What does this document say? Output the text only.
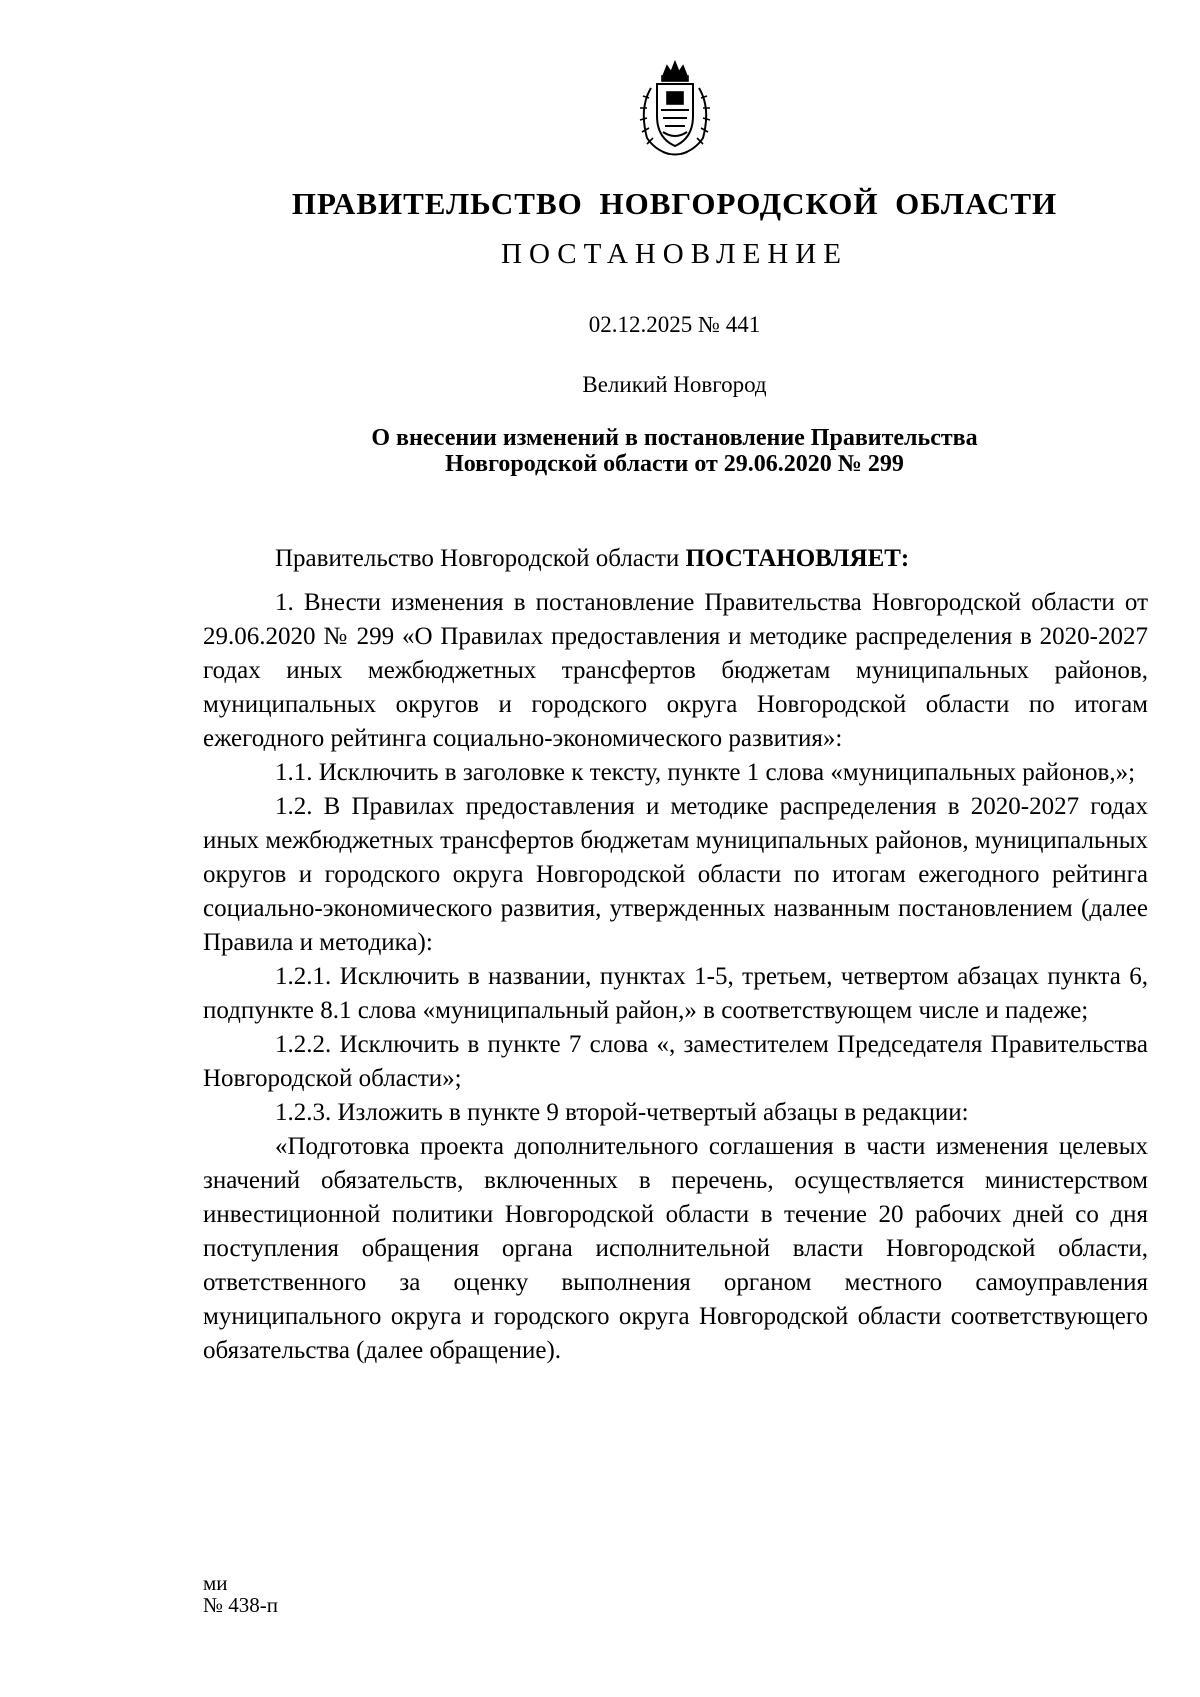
ПРАВИТЕЛЬСТВО НОВГОРОДСКОЙ ОБЛАСТИ
ПОСТАНОВЛЕНИЕ
02.12.2025 № 441
Великий Новгород
О внесении изменений в постановление Правительства
Новгородской области от 29.06.2020 № 299

Правительство Новгородской области ПОСТАНОВЛЯЕТ:

1. Внести изменения в постановление Правительства Новгородской области от 29.06.2020 № 299 «О Правилах предоставления и методике распределения в 2020-2027 годах иных межбюджетных трансфертов бюджетам муниципальных районов, муниципальных округов и городского округа Новгородской области по итогам ежегодного рейтинга социально-экономического развития»:

1.1. Исключить в заголовке к тексту, пункте 1 слова «муниципальных районов,»;

1.2. В Правилах предоставления и методике распределения в 2020-2027 годах иных межбюджетных трансфертов бюджетам муниципальных районов, муниципальных округов и городского округа Новгородской области по итогам ежегодного рейтинга социально-экономического развития, утвержденных названным постановлением (далее Правила и методика):

1.2.1. Исключить в названии, пунктах 1-5, третьем, четвертом абзацах пункта 6, подпункте 8.1 слова «муниципальный район,» в соответствующем числе и падеже;

1.2.2. Исключить в пункте 7 слова «, заместителем Председателя Правительства Новгородской области»;

1.2.3. Изложить в пункте 9 второй-четвертый абзацы в редакции:

«Подготовка проекта дополнительного соглашения в части изменения целевых значений обязательств, включенных в перечень, осуществляется министерством инвестиционной политики Новгородской области в течение 20 рабочих дней со дня поступления обращения органа исполнительной власти Новгородской области, ответственного за оценку выполнения органом местного самоуправления муниципального округа и городского округа Новгородской области соответствующего обязательства (далее обращение).

ми
№ 438-п
